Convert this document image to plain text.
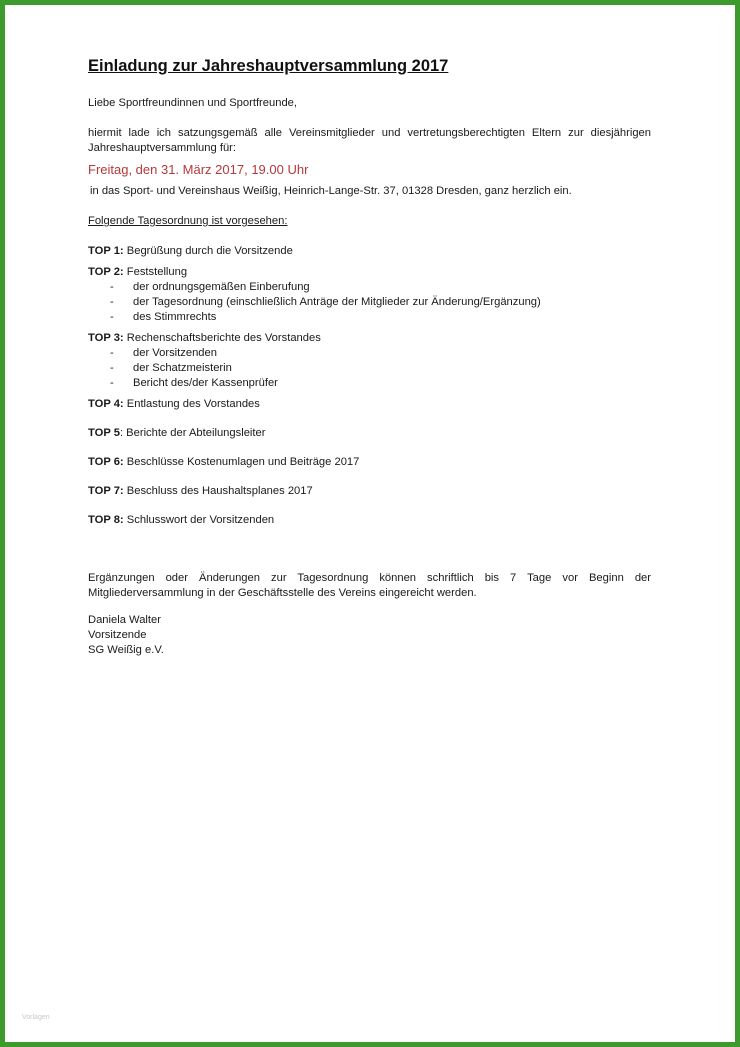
Einladung zur Jahreshauptversammlung 2017
Liebe Sportfreundinnen und Sportfreunde,
hiermit lade ich satzungsgemäß alle Vereinsmitglieder und vertretungsberechtigten Eltern zur diesjährigen Jahreshauptversammlung für:
Freitag, den 31. März 2017, 19.00 Uhr
in das Sport- und Vereinshaus Weißig, Heinrich-Lange-Str. 37, 01328 Dresden, ganz herzlich ein.
Folgende Tagesordnung ist vorgesehen:
TOP 1: Begrüßung durch die Vorsitzende
TOP 2: Feststellung
- der ordnungsgemäßen Einberufung
- der Tagesordnung (einschließlich Anträge der Mitglieder zur Änderung/Ergänzung)
- des Stimmrechts
TOP 3: Rechenschaftsberichte des Vorstandes
- der Vorsitzenden
- der Schatzmeisterin
- Bericht des/der Kassenprüfer
TOP 4: Entlastung des Vorstandes
TOP 5: Berichte der Abteilungsleiter
TOP 6: Beschlüsse Kostenumlagen und Beiträge 2017
TOP 7: Beschluss des Haushaltsplanes 2017
TOP 8: Schlusswort der Vorsitzenden
Ergänzungen oder Änderungen zur Tagesordnung können schriftlich bis 7 Tage vor Beginn der Mitgliederversammlung in der Geschäftsstelle des Vereins eingereicht werden.
Daniela Walter
Vorsitzende
SG Weißig e.V.
Vorlagen
